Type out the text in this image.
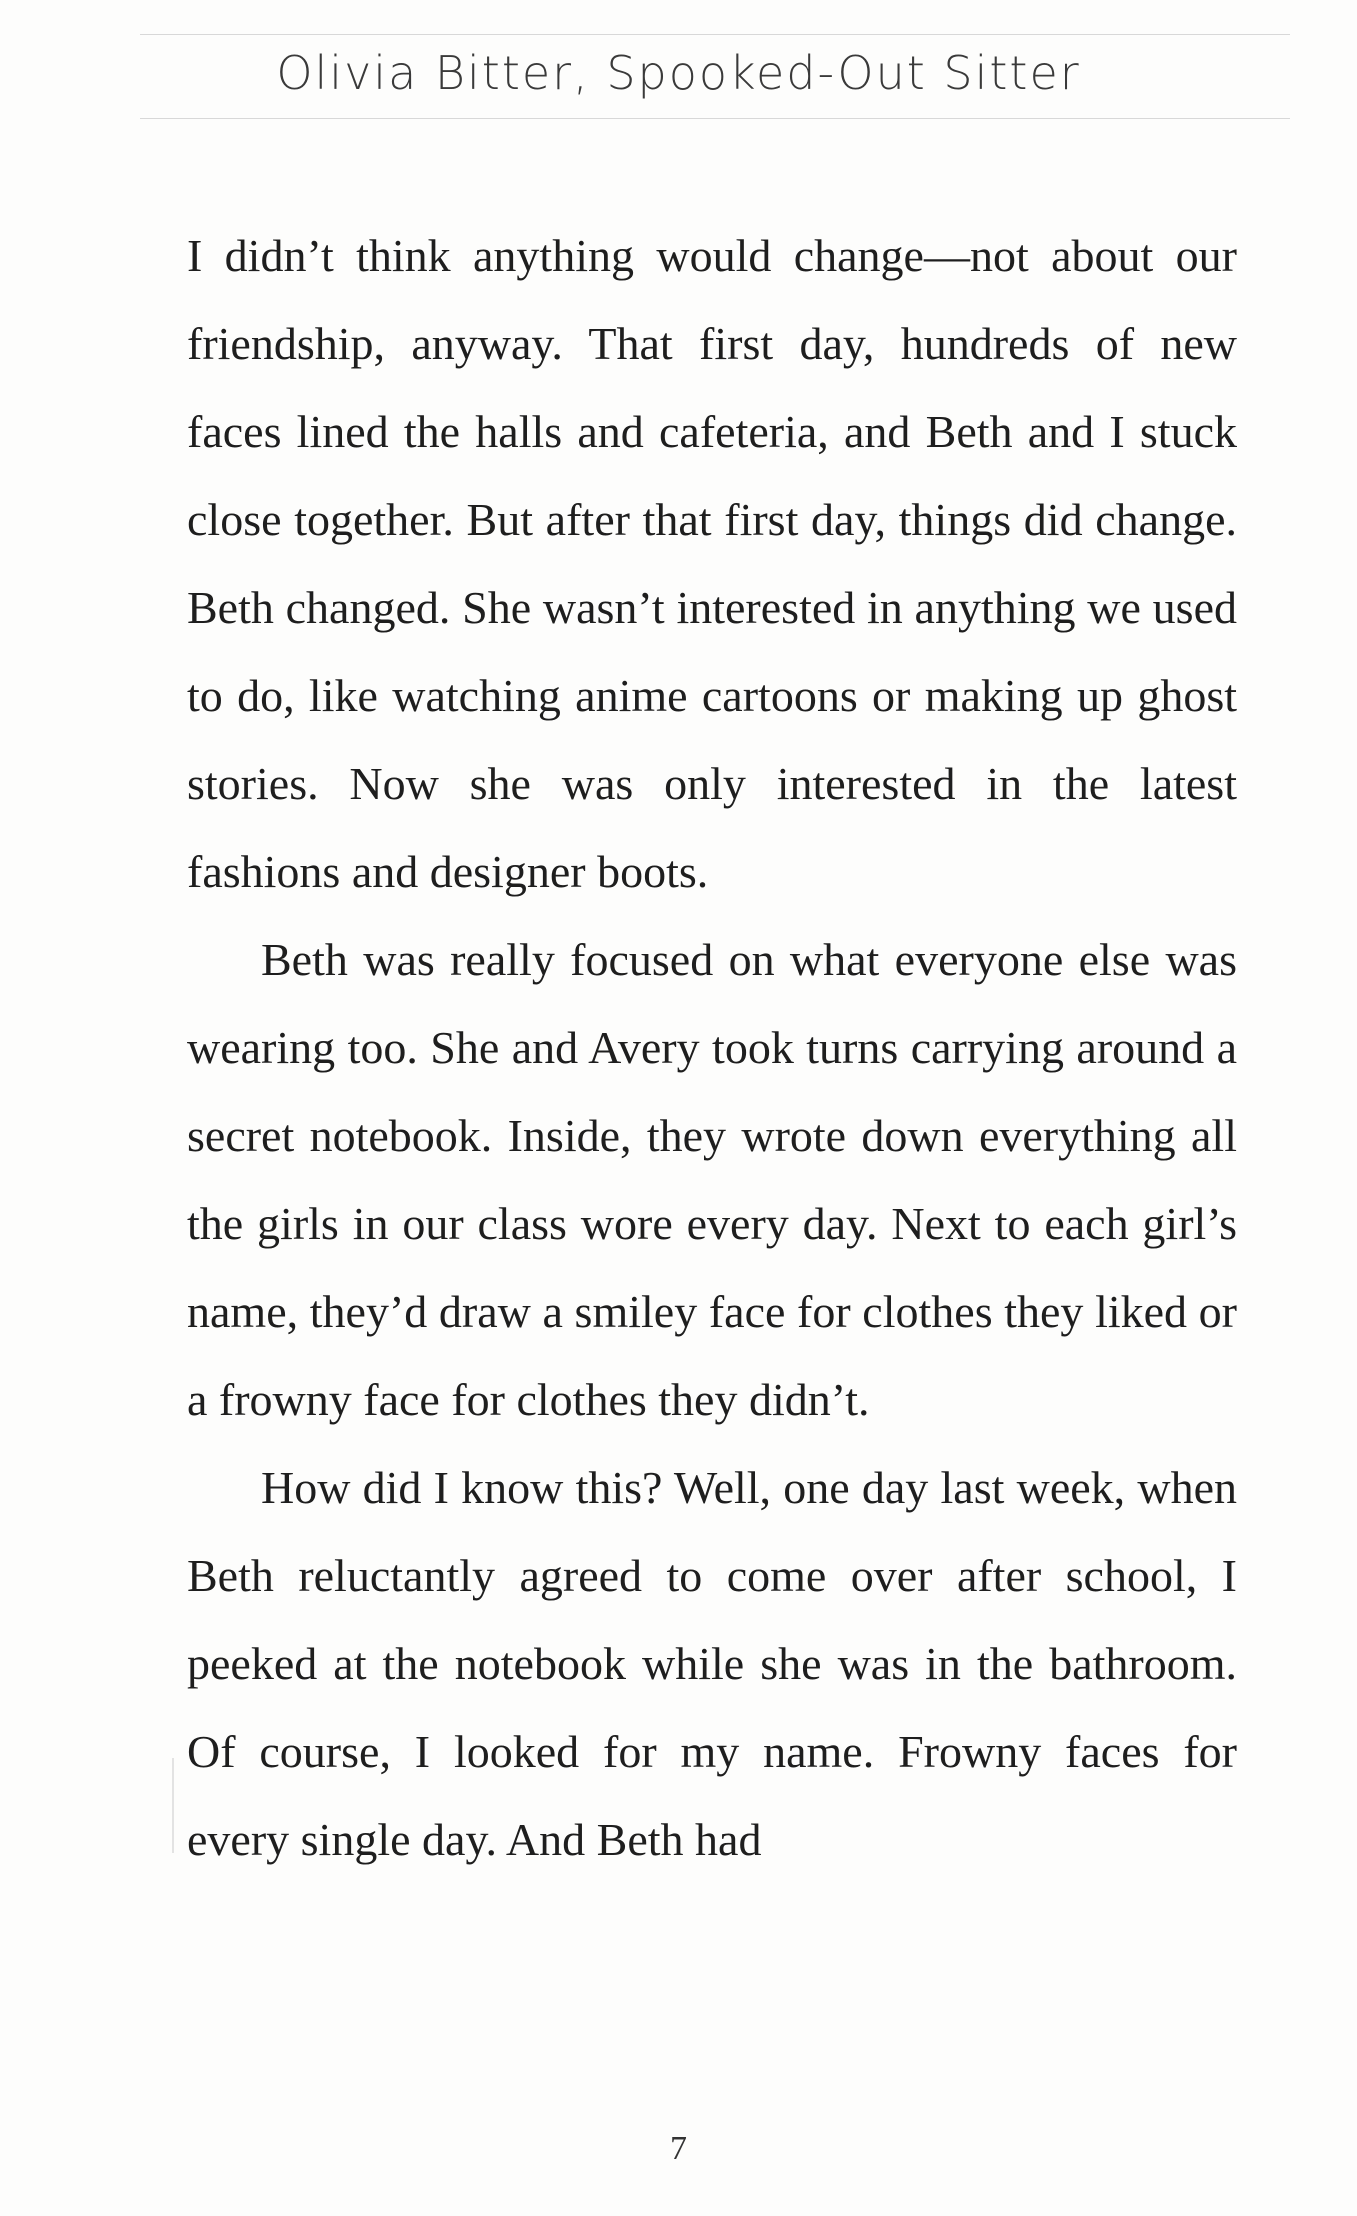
Olivia Bitter, Spooked-Out Sitter

I didn’t think anything would change—not about our friendship, anyway. That first day, hundreds of new faces lined the halls and cafeteria, and Beth and I stuck close together. But after that first day, things did change. Beth changed. She wasn’t interested in anything we used to do, like watching anime cartoons or making up ghost stories. Now she was only interested in the latest fashions and designer boots.

Beth was really focused on what everyone else was wearing too. She and Avery took turns carrying around a secret notebook. Inside, they wrote down everything all the girls in our class wore every day. Next to each girl’s name, they’d draw a smiley face for clothes they liked or a frowny face for clothes they didn’t.

How did I know this? Well, one day last week, when Beth reluctantly agreed to come over after school, I peeked at the notebook while she was in the bathroom. Of course, I looked for my name. Frowny faces for every single day. And Beth had

7
